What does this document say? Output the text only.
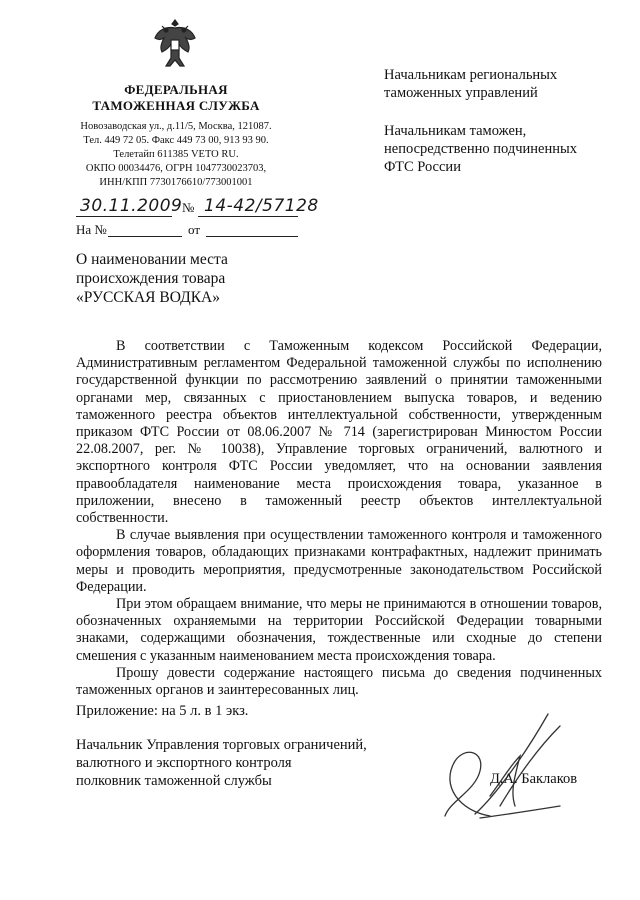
ФЕДЕРАЛЬНАЯ
ТАМОЖЕННАЯ СЛУЖБА
Новозаводская ул., д.11/5, Москва, 121087.
Тел. 449 72 05. Факс 449 73 00, 913 93 90.
Телетайп 611385 VETO RU.
ОКПО 00034476, ОГРН 1047730023703,
ИНН/КПП 7730176610/773001001
Начальникам региональных
таможенных управлений
Начальникам таможен,
непосредственно подчиненных
ФТС России
30.11.2009 № 14-42/57128
На №	от
О наименовании места
происхождения товара
«РУССКАЯ ВОДКА»

В соответствии с Таможенным кодексом Российской Федерации, Административным регламентом Федеральной таможенной службы по исполнению государственной функции по рассмотрению заявлений о принятии таможенными органами мер, связанных с приостановлением выпуска товаров, и ведению таможенного реестра объектов интеллектуальной собственности, утвержденным приказом ФТС России от 08.06.2007 № 714 (зарегистрирован Минюстом России 22.08.2007, рег. № 10038), Управление торговых ограничений, валютного и экспортного контроля ФТС России уведомляет, что на основании заявления правообладателя наименование места происхождения товара, указанное в приложении, внесено в таможенный реестр объектов интеллектуальной собственности.

В случае выявления при осуществлении таможенного контроля и таможенного оформления товаров, обладающих признаками контрафактных, надлежит принимать меры и проводить мероприятия, предусмотренные законодательством Российской Федерации.

При этом обращаем внимание, что меры не принимаются в отношении товаров, обозначенных охраняемыми на территории Российской Федерации товарными знаками, содержащими обозначения, тождественные или сходные до степени смешения с указанным наименованием места происхождения товара.

Прошу довести содержание настоящего письма до сведения подчиненных таможенных органов и заинтересованных лиц.

Приложение: на 5 л. в 1 экз.
Начальник Управления торговых ограничений,
валютного и экспортного контроля
полковник таможенной службы	Д.А. Баклаков
